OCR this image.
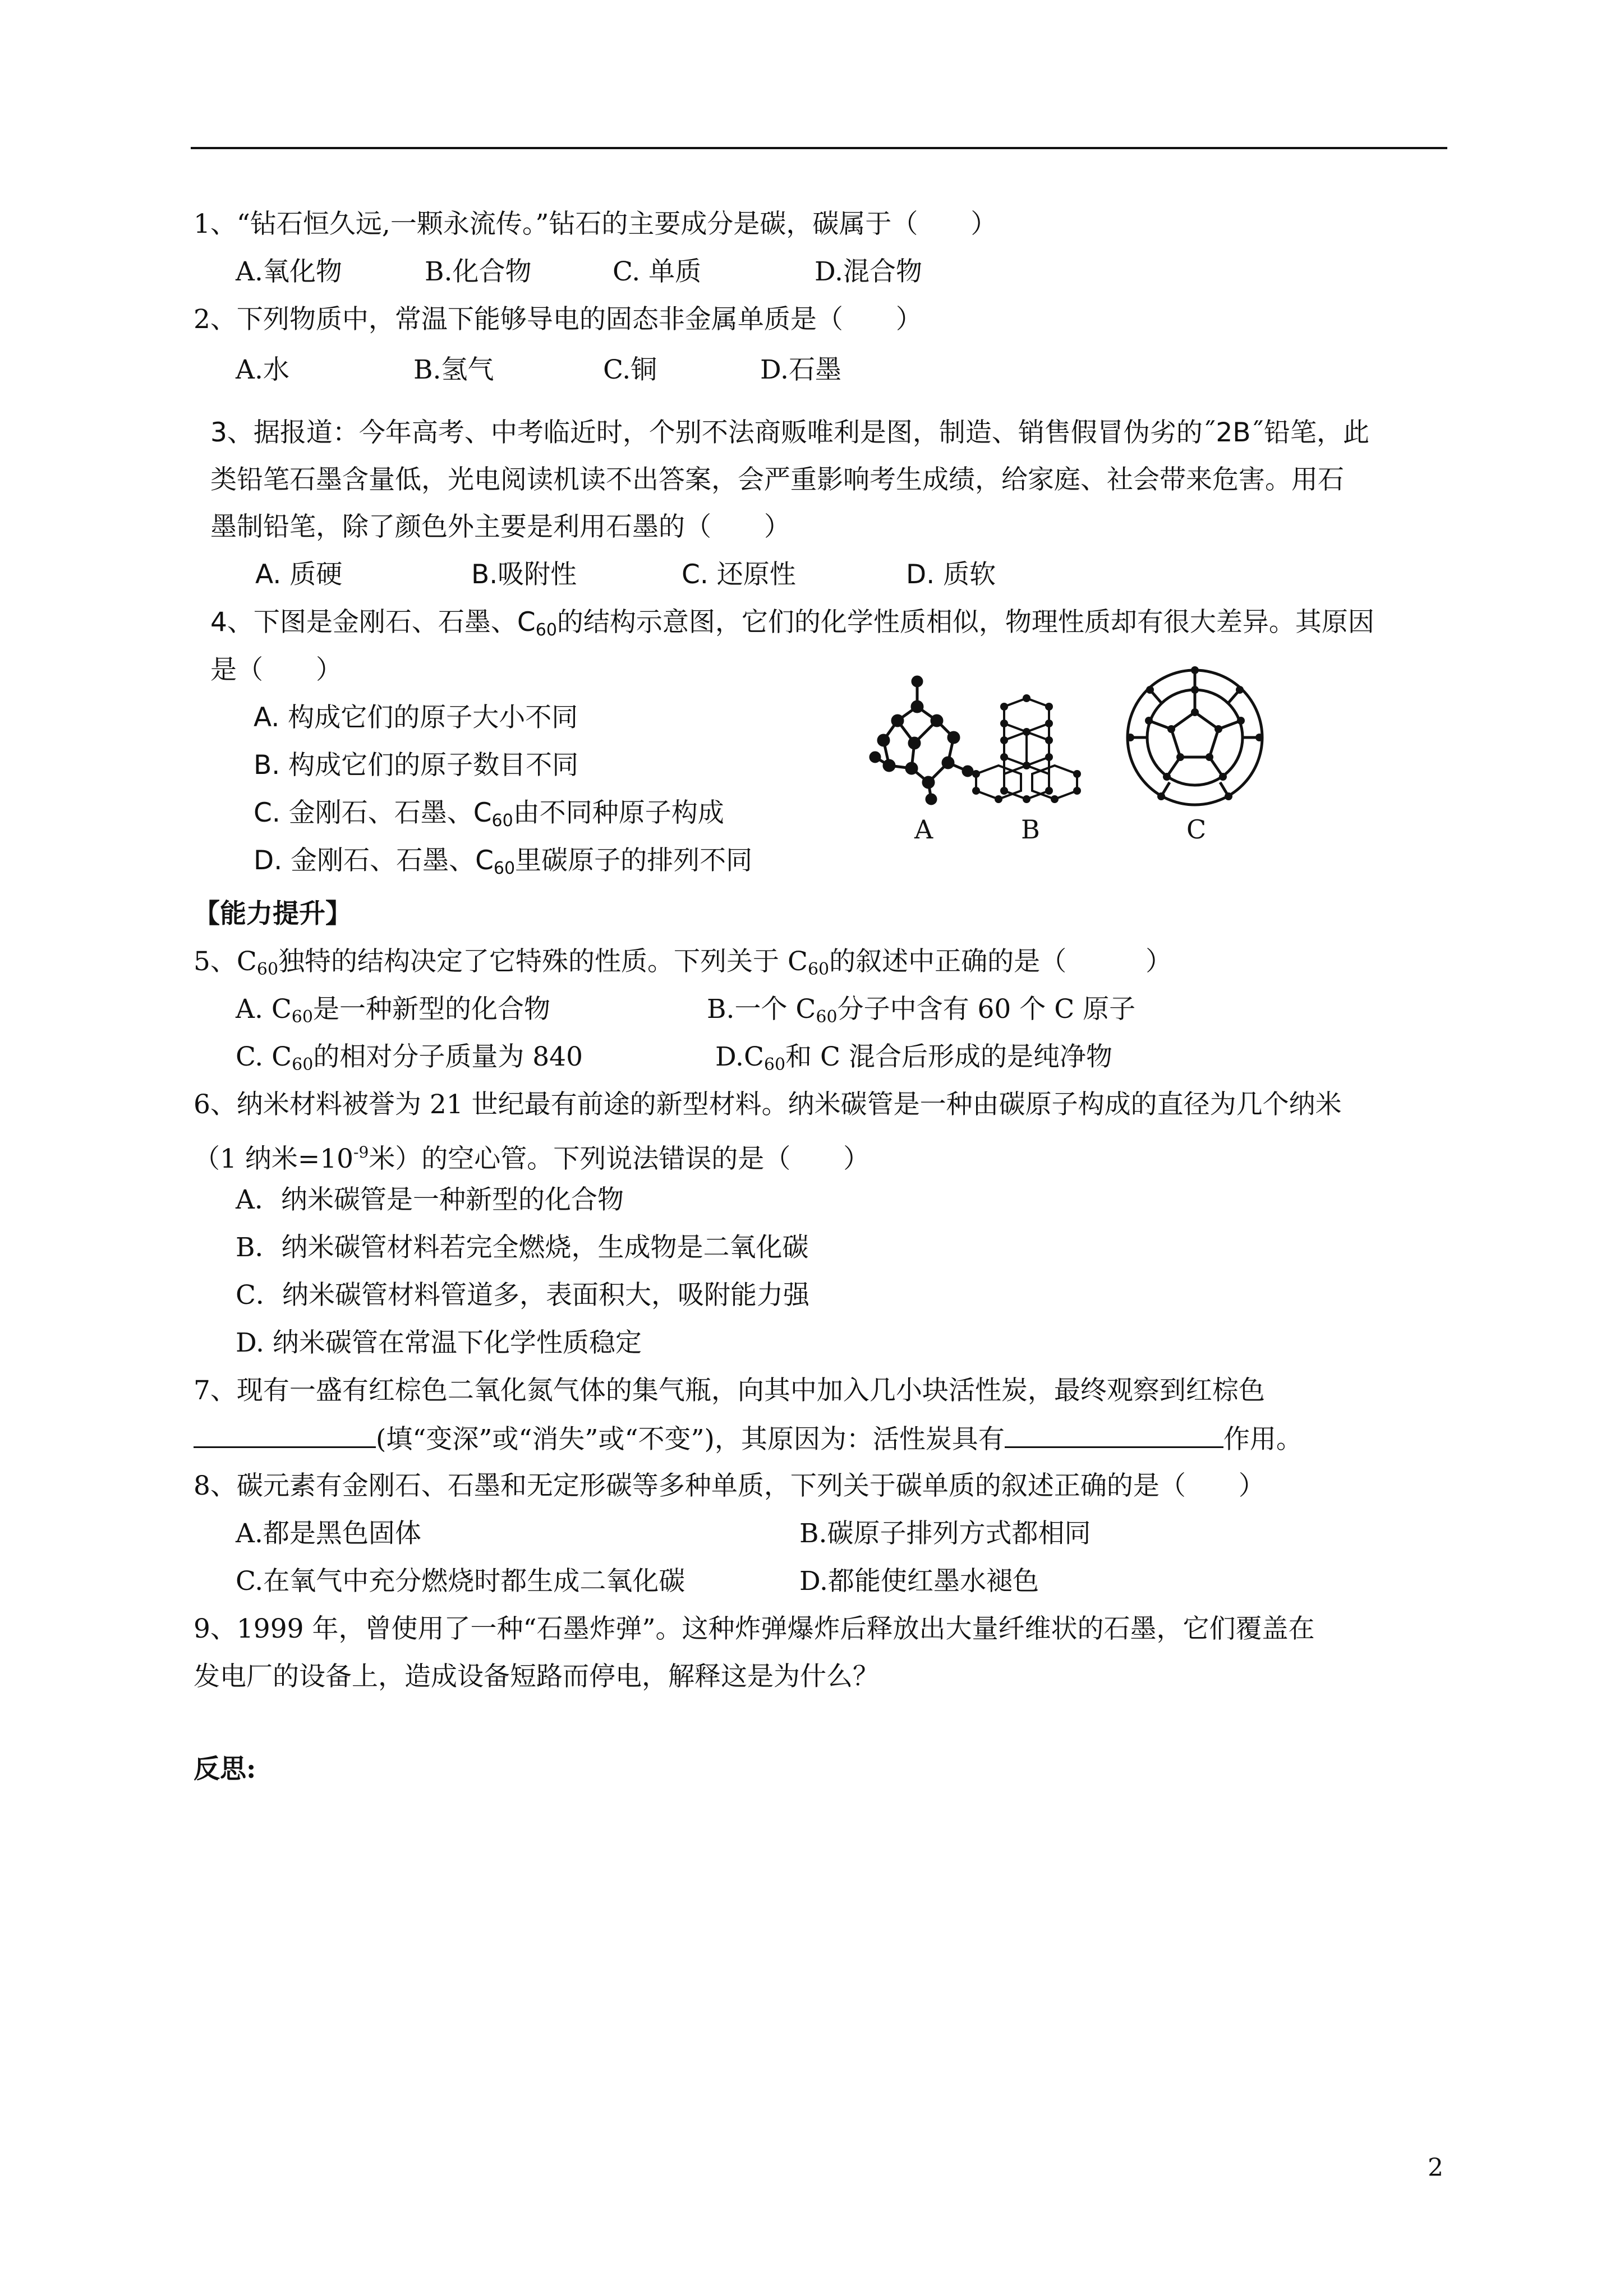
1、“钻石恒久远,一颗永流传。”钻石的主要成分是碳，碳属于（　　）
A.氧化物	B.化合物	C. 单质	D.混合物
2、下列物质中，常温下能够导电的固态非金属单质是（　　）
A.水	B.氢气	C.铜	D.石墨
3、据报道：今年高考、中考临近时，个别不法商贩唯利是图，制造、销售假冒伪劣的˝2B˝铅笔，此
类铅笔石墨含量低，光电阅读机读不出答案，会严重影响考生成绩，给家庭、社会带来危害。用石
墨制铅笔，除了颜色外主要是利用石墨的（　　）
A. 质硬	B.吸附性	C. 还原性	D. 质软
4、下图是金刚石、石墨、$C_{60}$的结构示意图，它们的化学性质相似，物理性质却有很大差异。其原因
是（　　）
A. 构成它们的原子大小不同
B. 构成它们的原子数目不同
C. 金刚石、石墨、$C_{60}$由不同种原子构成
D. 金刚石、石墨、$C_{60}$里碳原子的排列不同
A	B	C
【能力提升】
5、$C_{60}$独特的结构决定了它特殊的性质。下列关于 $C_{60}$的叙述中正确的是（　　　）
A. $C_{60}$是一种新型的化合物	B.一个 $C_{60}$分子中含有 60 个 C 原子
C. $C_{60}$的相对分子质量为 840	$D.C_{60}$和 C 混合后形成的是纯净物
6、纳米材料被誉为 21 世纪最有前途的新型材料。纳米碳管是一种由碳原子构成的直径为几个纳米
（1 纳米$=10^{-9}$米）的空心管。下列说法错误的是（　　）
A．纳米碳管是一种新型的化合物
B．纳米碳管材料若完全燃烧，生成物是二氧化碳
C．纳米碳管材料管道多，表面积大，吸附能力强
D. 纳米碳管在常温下化学性质稳定
7、现有一盛有红棕色二氧化氮气体的集气瓶，向其中加入几小块活性炭，最终观察到红棕色
(填“变深”或“消失”或“不变”)，其原因为：活性炭具有	作用。
8、碳元素有金刚石、石墨和无定形碳等多种单质，下列关于碳单质的叙述正确的是（　　）
A.都是黑色固体	B.碳原子排列方式都相同
C.在氧气中充分燃烧时都生成二氧化碳	D.都能使红墨水褪色
9、1999 年，曾使用了一种“石墨炸弹”。这种炸弹爆炸后释放出大量纤维状的石墨，它们覆盖在
发电厂的设备上，造成设备短路而停电，解释这是为什么？
反思:
2
